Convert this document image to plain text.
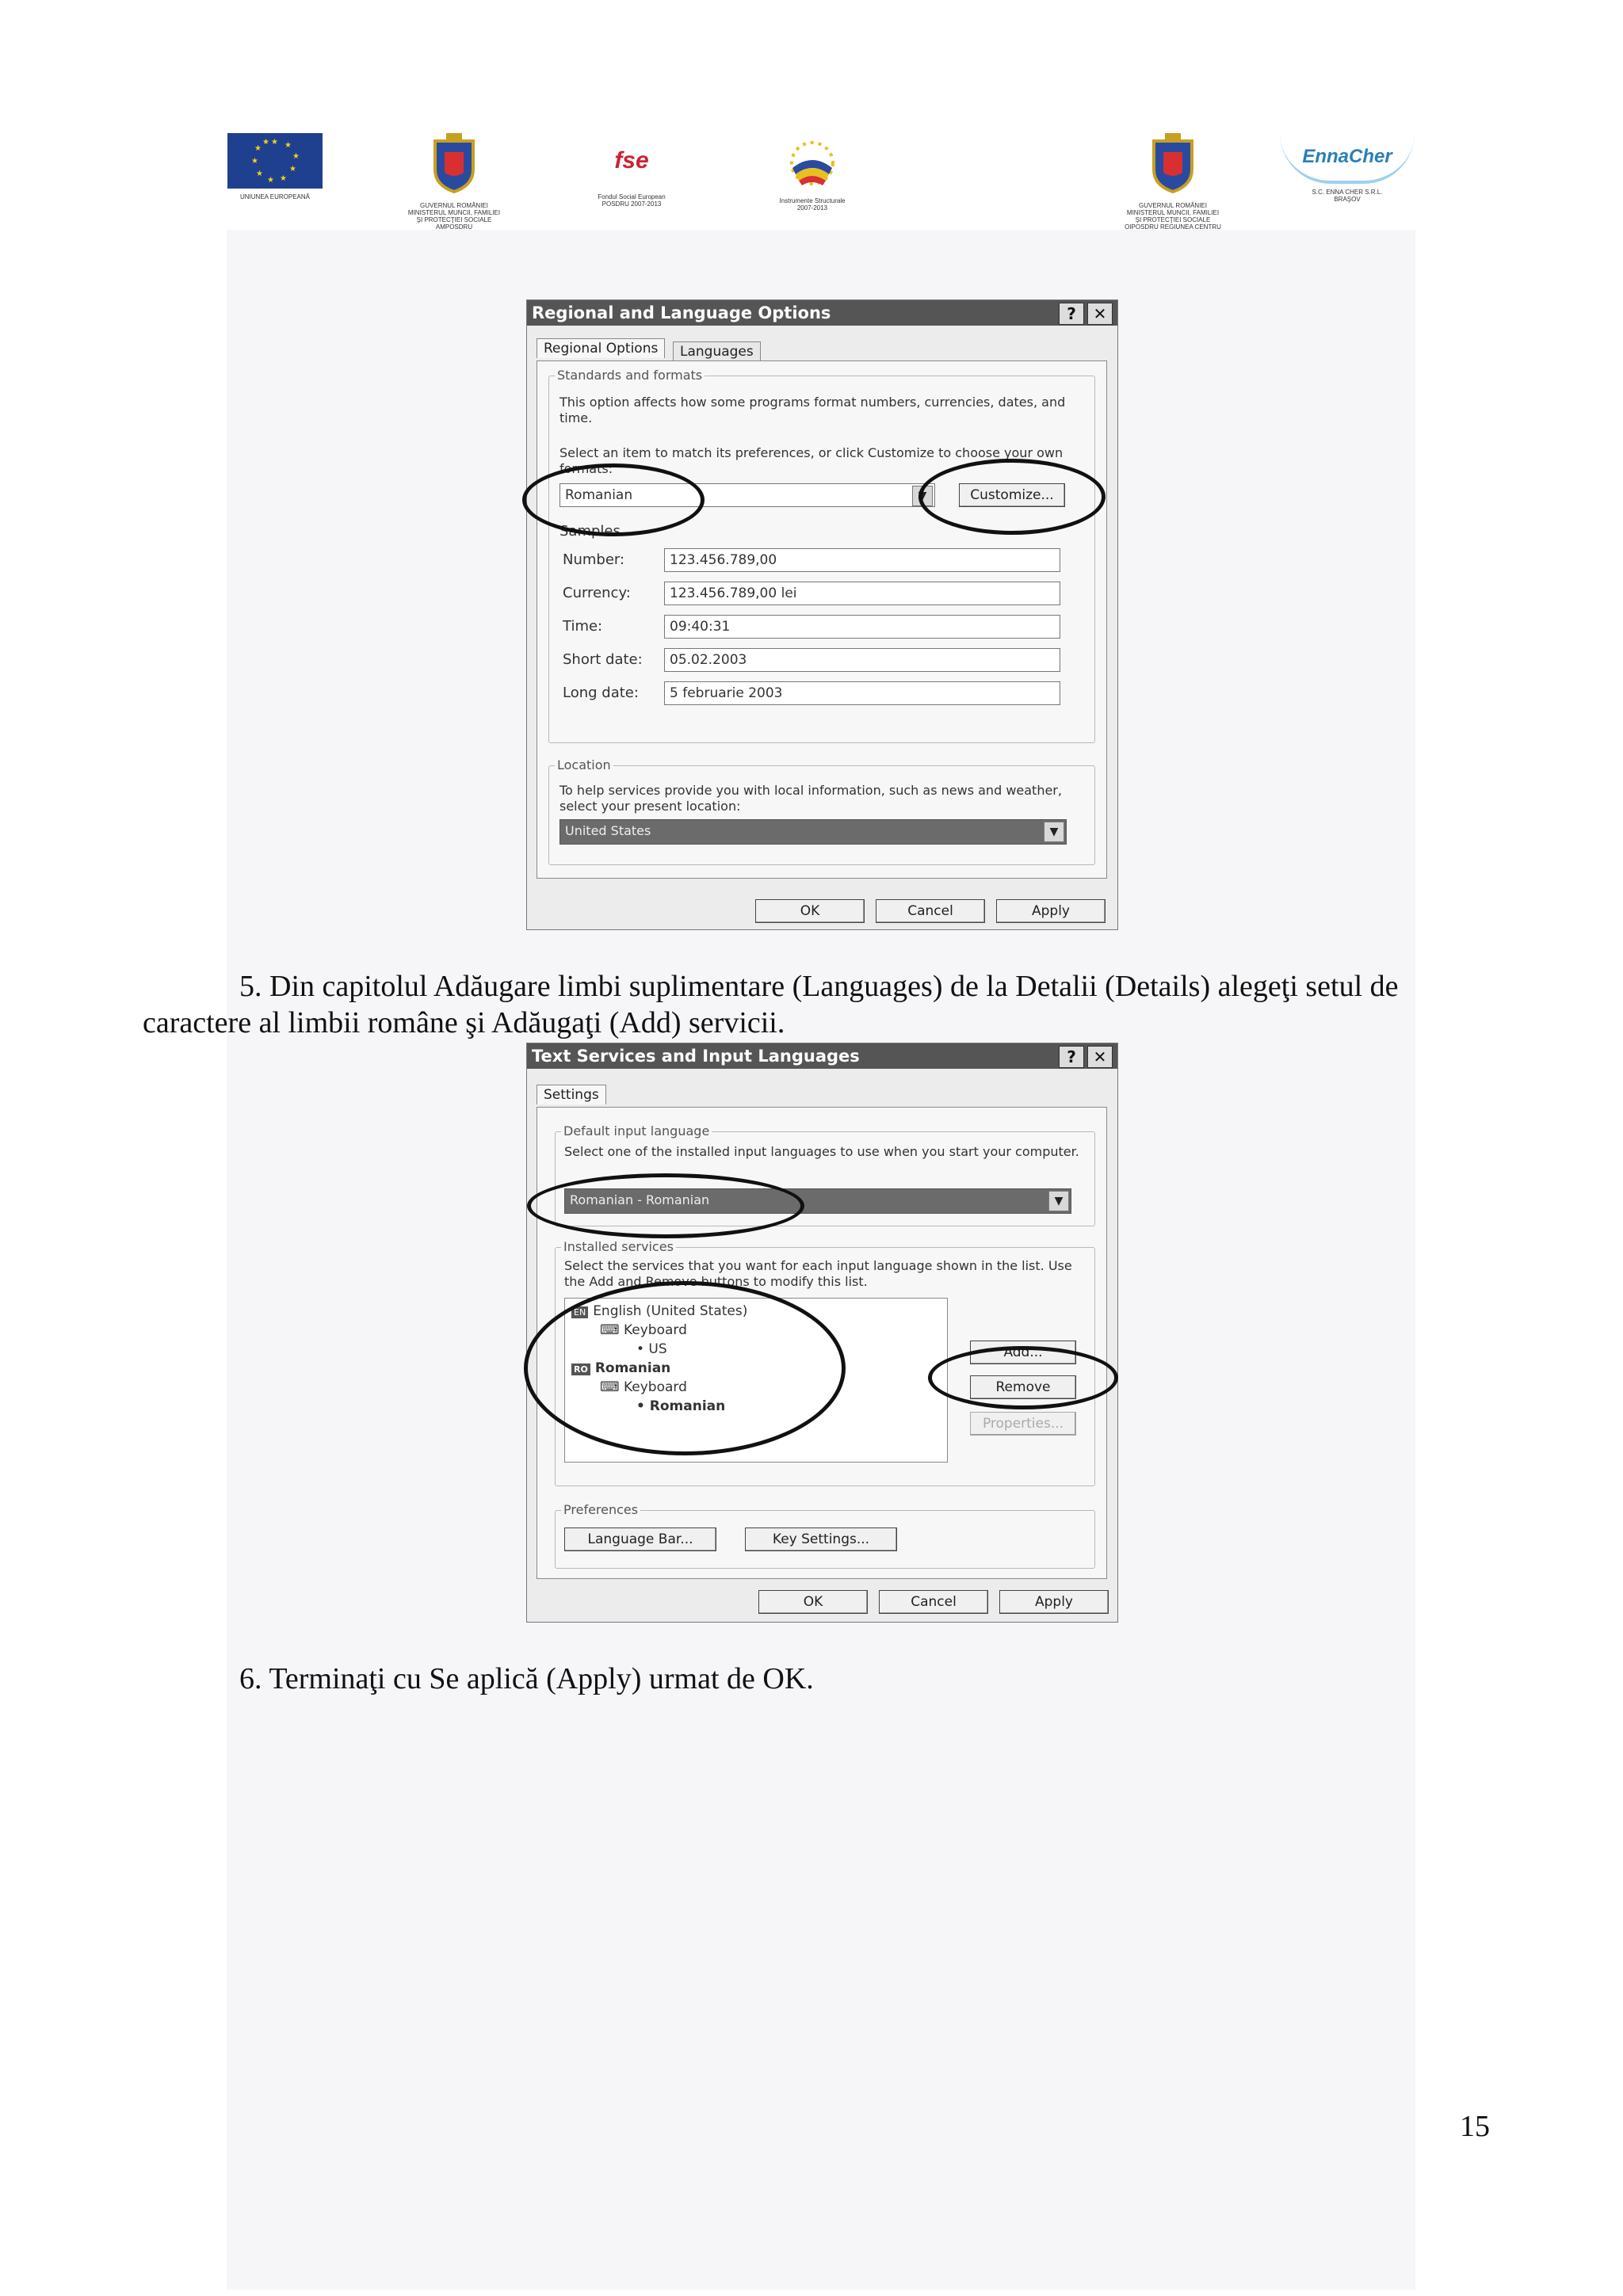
★ ★
★
★
★
★
★
★
★
★
UNIUNEA EUROPEANĂ
GUVERNUL ROMÂNIEI
MINISTERUL MUNCII, FAMILIEI
ŞI PROTECŢIEI SOCIALE
AMPOSDRU
fse
Fondul Social European
POSDRU 2007-2013	Instrumente Structurale
2007-2013	GUVERNUL ROMÂNIEI
MINISTERUL MUNCII, FAMILIEI
ŞI PROTECŢIEI SOCIALE
OIPOSDRU REGIUNEA CENTRU
EnnaCher
S.C. ENNA CHER S.R.L.
BRAŞOV
Regional and Language Options	?	✕
Regional Options	Languages
Standards and formats
This option affects how some programs format numbers, currencies, dates, and time.
Select an item to match its preferences, or click Customize to choose your own formats:
Romanian	▼	Customize...
Samples
Number:	123.456.789,00
Currency:	123.456.789,00 lei
Time:	09:40:31
Short date:	05.02.2003
Long date:	5 februarie 2003
Location
To help services provide you with local information, such as news and weather, select your present location:
United States	▼
OK	Cancel	Apply
5. Din capitolul Adăugare limbi suplimentare (Languages) de la Detalii (Details) alegeţi setul de
caractere al limbii române şi Adăugaţi (Add) servicii.
Text Services and Input Languages	?	✕
Settings
Default input language
Select one of the installed input languages to use when you start your computer.
Romanian - Romanian	▼
Installed services
Select the services that you want for each input language shown in the list. Use the Add and Remove buttons to modify this list.
EN English (United States)
⌨ Keyboard
• US
RO Romanian
⌨ Keyboard
• Romanian
Add...
Remove
Properties...
Preferences
Language Bar...	Key Settings...
OK	Cancel	Apply
6. Terminaţi cu Se aplică (Apply) urmat de OK.
15
